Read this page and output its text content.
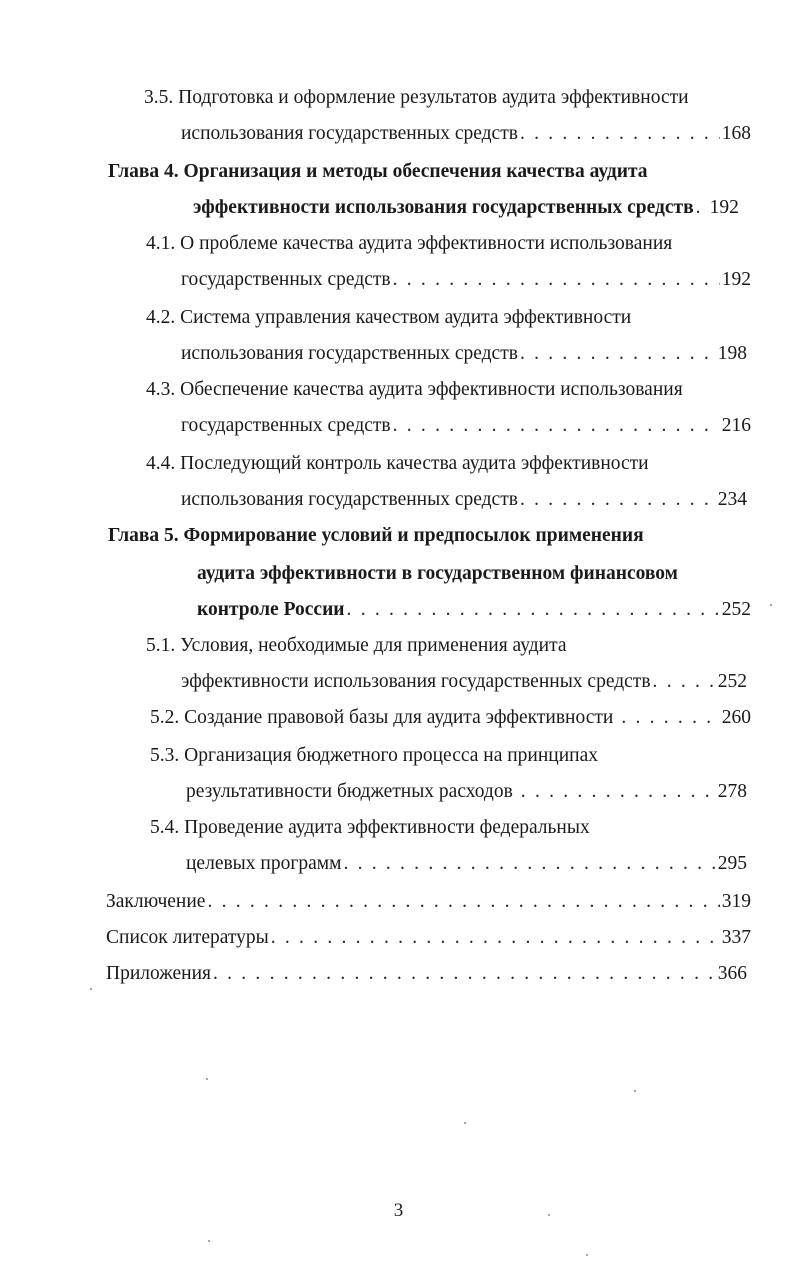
3.5. Подготовка и оформление результатов аудита эффективности
использования государственных средств . . .	168
Глава 4. Организация и методы обеспечения качества аудита
эффективности использования государственных средств . . . 192
4.1. О проблеме качества аудита эффективности использования
государственных средств . . .	192
4.2. Система управления качеством аудита эффективности
использования государственных средств . . .	198
4.3. Обеспечение качества аудита эффективности использования
государственных средств . . .	216
4.4. Последующий контроль качества аудита эффективности
использования государственных средств . . .	234
Глава 5. Формирование условий и предпосылок применения
аудита эффективности в государственном финансовом
контроле России . . .	252
5.1. Условия, необходимые для применения аудита
эффективности использования государственных средств . . .	252
5.2. Создание правовой базы для аудита эффективности . . .	260
5.3. Организация бюджетного процесса на принципах
результативности бюджетных расходов . . .	278
5.4. Проведение аудита эффективности федеральных
целевых программ . . .	295
Заключение . . .	319
Список литературы . . .	337
Приложения . . .	366
3
